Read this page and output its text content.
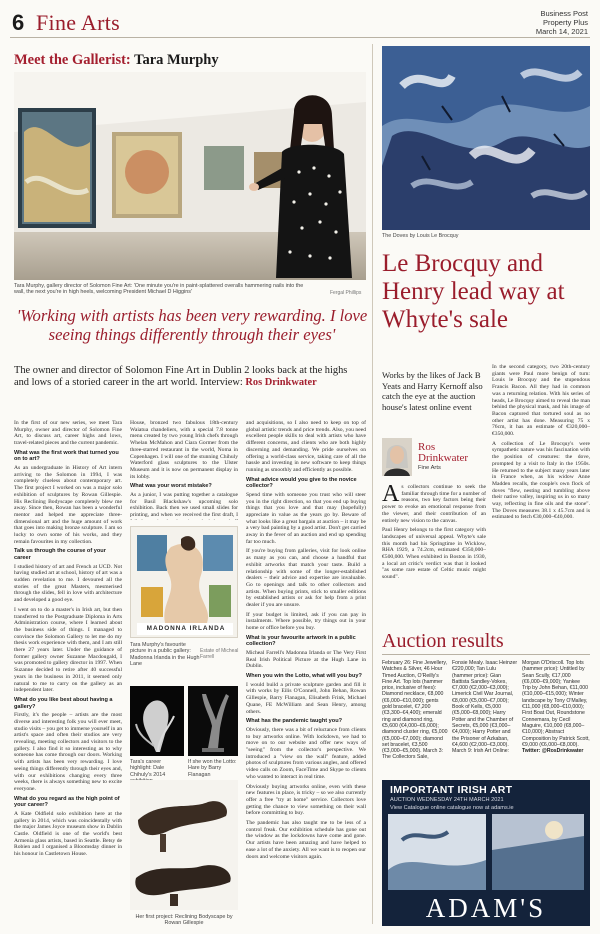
6 Fine Arts	Business Post
Property Plus
March 14, 2021
Meet the Gallerist: Tara Murphy
Tara Murphy, gallery director of Solomon Fine Art: 'One minute you're in paint-splattered overalls hammering nails into the wall, the next you're in high heels, welcoming President Michael D Higgins'	Fergal Phillips
'Working with artists has been very rewarding. I love seeing things differently through their eyes'
The owner and director of Solomon Fine Art in Dublin 2 looks back at the highs and lows of a storied career in the art world. Interview: Ros Drinkwater

In the first of our new series, we meet Tara Murphy, owner and director of Solomon Fine Art, to discuss art, career highs and lows, travel-related pieces and the current pandemic.

What was the first work that turned you on to art?

As an undergraduate in History of Art intern arriving to the Solomon in 1994, I was completely clueless about contemporary art. The first project I worked on was a major solo exhibition of sculptures by Rowan Gillespie. His Reclining Bodyscape completely blew me away. Since then, Rowan has been a wonderful mentor and helped me appreciate three-dimensional art and the huge amount of work that goes into making bronze sculpture. I am so lucky to own some of his works, and they remain favourites in my collection.

Talk us through the course of your career

I studied history of art and French at UCD. Not having studied art at school, history of art was a sudden revelation to me. I devoured all the stories of the great Masters, mesmerised through the slides, fell in love with architecture and developed a good eye.

I went on to do a master's in Irish art, but then transferred to the Postgraduate Diploma in Arts Administration course, where I learned about the business side of things. I managed to convince the Solomon Gallery to let me do my thesis work experience with them, and I am still there 27 years later. Under the guidance of former gallery owner Suzanne Macdougald, I was promoted to gallery director in 1997. When Suzanne decided to retire after 40 successful years in the business in 2011, it seemed only natural to me to carry on the gallery as an independent later.

What do you like best about having a gallery?

Firstly, it's the people – artists are the most diverse and interesting folk you will ever meet, studio visits – you get to immerse yourself in an artist's space and often their studios are very revealing, meeting collectors and visitors to the gallery. I also find it so interesting as to why someone has come through our doors. Working with artists has been very rewarding. I love seeing things differently through their eyes and, with our exhibitions changing every three weeks, there is always something new to excite everyone.

What do you regard as the high point of your career?

A Kate Oldfield solo exhibition here at the gallery in 2014, which was coincidentally with the major James Joyce museum show in Dublin Castle. Oldfield is one of the world's best Armenia glass artists, based in Seattle. Betsy de Robien and I organised a Bloomsday dinner in his honour in Castletown House.

House, bronzed two fabulous 18th-century Waiatua chandeliers, with a special 7.8 tonne menu created by two young Irish chefs through Whelan McMahon and Ciara Gormer from the three-starred restaurant in the world, Noma in Copenhagen. I will one of the stunning Chihuly Waterford glass sculptures to the Ulster Museum and it is now on permanent display in its lobby.

What was your worst mistake?

As a junior, I was putting together a catalogue for Basil Blackshaw's upcoming solo exhibition. Back then we used small slides for printing, and when we received the first draft, I

and acquisitions, so I also need to keep on top of global artistic trends and price trends. Also, you need excellent people skills to deal with artists who have different concerns, and clients who are both highly discerning and demanding. We pride ourselves on offering a world-class service, taking care of all the hassle and investing in new software to keep things running as smoothly and efficiently as possible.

What advice would you give to the novice collector?

Spend time with someone you trust who will steer you in the right direction, so that you end up buying things that you love and that may (hopefully) appreciate in value as the years go by. Beware of what looks like a great bargain at auction – it may be a very bad painting by a good artist. Don't get carried away in the fever of an auction and end up spending far too much.

If you're buying from galleries, visit for look online as many as you can, and choose a handful that exhibit artworks that match your taste. Build a relationship with some of the longer-established dealers – their advice and expertise are invaluable. Go to openings and talk to other collectors and artists. When buying prints, stick to smaller editions by established artists or ask for help from a print dealer if you are unsure.

If your budget is limited, ask if you can pay in instalments. Where possible, try things out in your home or office before you buy.

What is your favourite artwork in a public collection?

Micheal Farrell's Madonna Irlanda or The Very First Real Irish Political Picture at the Hugh Lane in Dublin.

When you win the Lotto, what will you buy?

I would build a private sculpture garden and fill it with works by Eilis O'Connell, John Behan, Rowan Gillespie, Barry Flanagan, Elisabeth Frink, Michael Quane, FE McWilliam and Sean Henry, among others.

What has the pandemic taught you?

Obviously, there was a bit of reluctance from clients to buy artworks online. With lockdown, we had to move on to our website and offer new ways of "seeing" from the collector's perspective. We introduced a "view on the wall" feature, added photos of sculptures from various angles, and offered video calls on Zoom, FaceTime and Skype to clients who wanted to interact in real time.

Obviously buying artworks online, even with these new features in place, is tricky – so we also currently offer a free "try at home" service. Collectors love getting the chance to view something on their wall before committing to buy.

The pandemic has also taught me to be less of a control freak. Our exhibition schedule has gone out the window as the lockdowns have come and gone. Our artists have been amazing and have helped to ease a lot of the anxiety. All we want is to reopen our doors and welcome visitors again.

MADONNA IRLANDA
Tara Murphy's favourite picture in a public gallery: Madonna Irlanda in the Hugh Lane
Estate of Micheal Farrell
Tara's career highlight: Dale Chihuly's 2014
If she won the Lotto: Hare by Barry Flanagan
Her first project: Reclining Bodyscape by Rowan Gillespie
The Doves by Louis Le Brocquy
Le Brocquy and Henry lead way at Whyte's sale
Works by the likes of Jack B Yeats and Harry Kernoff also catch the eye at the auction house's latest online event
Ros
Drinkwater
Fine Arts

As collectors continue to seek the familiar through time for a number of reasons, two key factors being their power to evoke an emotional response from the viewer, and their contribution of an entirely new vision to the canvas.

Paul Henry belongs to the first category with landscapes of universal appeal. Whyte's sale this month had his Springtime in Wicklow, RHA 1929, a 74.2cm, estimated €350,000–€500,000. When exhibited in Boston in 1930, a local art critic's verdict was that it looked "as some rare estate of Celtic music might sound".

In the second category, two 20th-century giants were Paul more benign of turn: Louis le Brocquy and the stupendous Francis Bacon. All they had in common was a returning relation. With his series of heads, Le Brocquy aimed to reveal the man behind the physical mask, and his image of Bacon captured that tortured soul as no other artist has done. Measuring 75 x 76cm, it has an estimate of €320,000–€350,000.

A collection of Le Brocquy's were sympathetic nature was his fascination with the position of creatures: the dove, prompted by a visit to Italy in the 1950s. He returned to the subject many years later in France when, as his widow Anne Madden recalls, the couple's own flock of doves "flew, nesting and tumbling above their native valley, inspiring us in so many way, reflecting in fine oils and the stone". The Doves measures 38.1 x 45.7cm and is estimated to fetch €30,000–€40,000.

Auction results
February 26: Fine Jewellery, Watches & Silver, 46 Hour Timed Auction, O'Reilly's Fine Art. Top lots (hammer price, inclusive of fees): Diamond necklace, €8,000 (€6,000–€10,000); gents gold bracelet, €7,200 (€3,300–€4,400); emerald ring and diamond ring, €5,600 (€4,000–€6,000); diamond cluster ring, €5,000 (€5,000–€7,000); diamond set bracelet, €3,500 (€3,000–€5,000). March 3: The Collectors Sale,
Fonsie Mealy. Isaac Heinzer €220,000; Tan Lulu (hammer price): Gian Battista Sandley-Vokes, €7,000 (€2,000–€3,000); Limerick Civil War Journal, €8,000 (€5,000–€7,000); Book of Kells, €5,000 (€5,000–€8,000); Harry Potter and the Chamber of Secrets, €5,000 (€3,000–€4,000); Harry Potter and the Prisoner of Azkaban, €4,600 (€2,000–€3,000). March 9: Irish Art Online:
Morgan O'Driscoll. Top lots (hammer price): Untitled by Sean Scully, €17,000 (€6,000–€9,000); Yankee Trip by John Behan, €11,000 (€10,000–€15,000); Winter landscape by Tony O'Malley, €11,000 (€8,000–€10,000); First Boat Out, Roundstone Connemara, by Cecil Maguire, €10,000 (€8,000–€10,000); Abstract Composition by Patrick Scott, €9,000 (€6,000–€8,000). Twitter: @RosDrinkwater
IMPORTANT IRISH ART
AUCTION WEDNESDAY 24TH MARCH 2021
View Catalogue online catalogue now at adams.ie
ADAM'S
